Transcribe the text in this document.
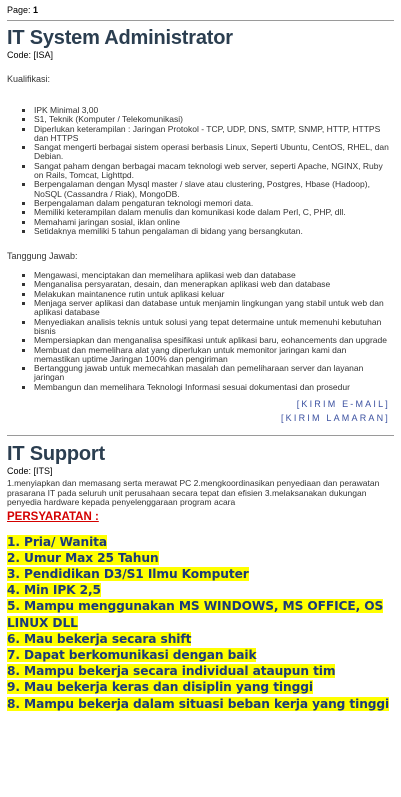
Page: 1
IT System Administrator
Code: [ISA]
Kualifikasi:
▪ IPK Minimal 3,00
▪ S1, Teknik (Komputer / Telekomunikasi)
▪ Diperlukan keterampilan : Jaringan Protokol - TCP, UDP, DNS, SMTP, SNMP, HTTP, HTTPS dan HTTPS
▪ Sangat mengerti berbagai sistem operasi berbasis Linux, Seperti Ubuntu, CentOS, RHEL, dan Debian.
▪ Sangat paham dengan berbagai macam teknologi web server, seperti Apache, NGINX, Ruby on Rails, Tomcat, Lighttpd.
▪ Berpengalaman dengan Mysql master / slave atau clustering, Postgres, Hbase (Hadoop), NoSQL (Cassandra / Riak), MongoDB.
▪ Berpengalaman dalam pengaturan teknologi memori data.
▪ Memiliki keterampilan dalam menulis dan komunikasi kode dalam Perl, C, PHP, dll.
▪ Memahami jaringan sosial, iklan online
▪ Setidaknya memiliki 5 tahun pengalaman di bidang yang bersangkutan.
Tanggung Jawab:
▪ Mengawasi, menciptakan dan memelihara aplikasi web dan database
▪ Menganalisa persyaratan, desain, dan menerapkan aplikasi web dan database
▪ Melakukan maintanence rutin untuk aplikasi keluar
▪ Menjaga server aplikasi dan database untuk menjamin lingkungan yang stabil untuk web dan aplikasi database
▪ Menyediakan analisis teknis untuk solusi yang tepat determaine untuk memenuhi kebutuhan bisnis
▪ Mempersiapkan dan menganalisa spesifikasi untuk aplikasi baru, eohancements dan upgrade
▪ Membuat dan memelihara alat yang diperlukan untuk memonitor jaringan kami dan memastikan uptime Jaringan 100% dan pengiriman
▪ Bertanggung jawab untuk memecahkan masalah dan pemeliharaan server dan layanan jaringan
▪ Membangun dan memelihara Teknologi Informasi sesuai dokumentasi dan prosedur
[KIRIM E-MAIL]
[KIRIM LAMARAN]
IT Support
Code: [ITS]
1.menyiapkan dan memasang serta merawat PC 2.mengkoordinasikan penyediaan dan perawatan prasarana IT pada seluruh unit perusahaan secara tepat dan efisien 3.melaksanakan dukungan penyedia hardware kepada penyelenggaraan program acara
PERSYARATAN :
1. Pria/ Wanita
2. Umur Max 25 Tahun
3. Pendidikan D3/S1 Ilmu Komputer
4. Min IPK 2,5
5. Mampu menggunakan MS WINDOWS, MS OFFICE, OS LINUX DLL
6. Mau bekerja secara shift
7. Dapat berkomunikasi dengan baik
8. Mampu bekerja secara individual ataupun tim
9. Mau bekerja keras dan disiplin yang tinggi
8. Mampu bekerja dalam situasi beban kerja yang tinggi
